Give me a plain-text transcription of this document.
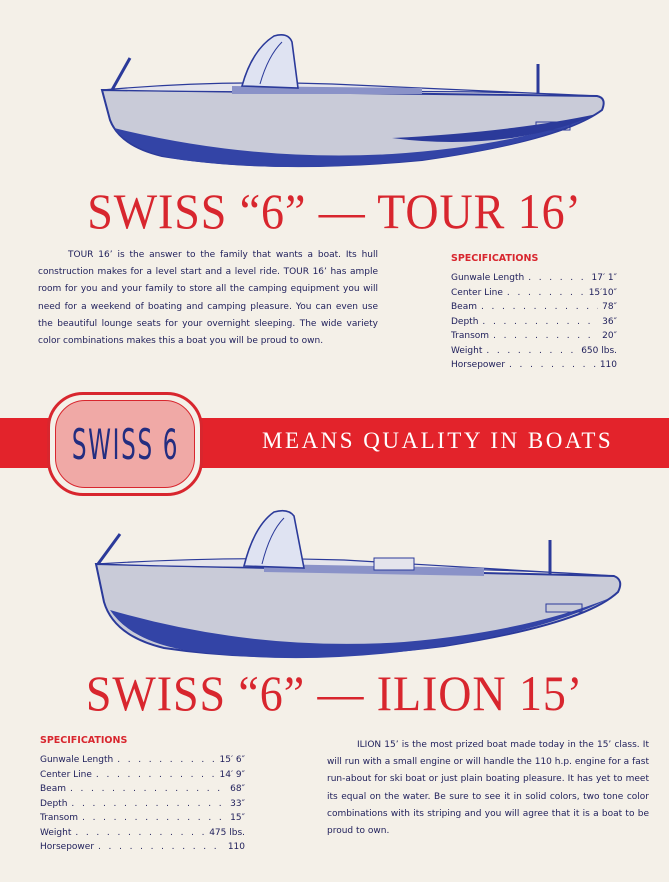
SWISS “6” — TOUR 16’
TOUR 16’ is the answer to the family that wants a boat. Its hull construction makes for a level start and a level ride. TOUR 16’ has ample room for you and your family to store all the camping equipment you will need for a weekend of boating and camping pleasure. You can even use the beautiful lounge seats for your overnight sleeping. The wide variety color combinations makes this a boat you will be proud to own.
SPECIFICATIONS
Gunwale Length . . .	17′ 1″
Center Line . . .	15′10″
Beam . . .	78″
Depth . . .	36″
Transom . . .	20″
Weight . . .	650 lbs.
Horsepower . . .	110
MEANS QUALITY IN BOATS
SWISS 6
SWISS “6” — ILION 15’
SPECIFICATIONS
Gunwale Length . . .	15′ 6″
Center Line . . .	14′ 9″
Beam . . .	68″
Depth . . .	33″
Transom . . .	15″
Weight . . .	475 lbs.
Horsepower . . .	110
ILION 15’ is the most prized boat made today in the 15’ class. It will run with a small engine or will handle the 110 h.p. engine for a fast run-about for ski boat or just plain boating pleasure. It has yet to meet its equal on the water. Be sure to see it in solid colors, two tone color combinations with its striping and you will agree that it is a boat to be proud to own.
